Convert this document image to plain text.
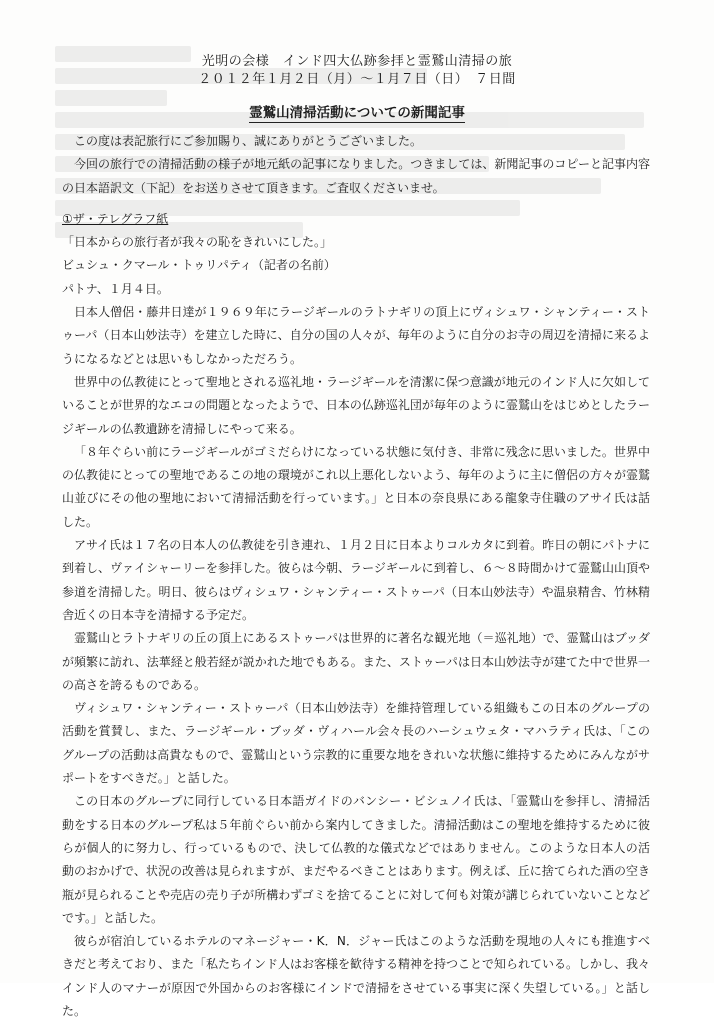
光明の会様　インド四大仏跡参拝と霊鷲山清掃の旅
２０１２年１月２日（月）～１月７日（日）　７日間
霊鷲山清掃活動についての新聞記事

この度は表記旅行にご参加賜り、誠にありがとうございました。

今回の旅行での清掃活動の様子が地元紙の記事になりました。つきましては、新聞記事のコピーと記事内容の日本語訳文（下記）をお送りさせて頂きます。ご査収くださいませ。

①ザ・テレグラフ紙

「日本からの旅行者が我々の恥をきれいにした。」

ビュシュ・クマール・トゥリパティ（記者の名前）

パトナ、１月４日。

日本人僧侶・藤井日達が１９６９年にラージギールのラトナギリの頂上にヴィシュワ・シャンティー・ストゥーパ（日本山妙法寺）を建立した時に、自分の国の人々が、毎年のように自分のお寺の周辺を清掃に来るようになるなどとは思いもしなかっただろう。

世界中の仏教徒にとって聖地とされる巡礼地・ラージギールを清潔に保つ意識が地元のインド人に欠如していることが世界的なエコの問題となったようで、日本の仏跡巡礼団が毎年のように霊鷲山をはじめとしたラージギールの仏教遺跡を清掃しにやって来る。

「８年ぐらい前にラージギールがゴミだらけになっている状態に気付き、非常に残念に思いました。世界中の仏教徒にとっての聖地であるこの地の環境がこれ以上悪化しないよう、毎年のように主に僧侶の方々が霊鷲山並びにその他の聖地において清掃活動を行っています。」と日本の奈良県にある龍象寺住職のアサイ氏は話した。

アサイ氏は１７名の日本人の仏教徒を引き連れ、１月２日に日本よりコルカタに到着。昨日の朝にパトナに到着し、ヴァイシャーリーを参拝した。彼らは今朝、ラージギールに到着し、６～８時間かけて霊鷲山山頂や参道を清掃した。明日、彼らはヴィシュワ・シャンティー・ストゥーパ（日本山妙法寺）や温泉精舎、竹林精舎近くの日本寺を清掃する予定だ。

霊鷲山とラトナギリの丘の頂上にあるストゥーパは世界的に著名な観光地（＝巡礼地）で、霊鷲山はブッダが頻繁に訪れ、法華経と般若経が説かれた地でもある。また、ストゥーパは日本山妙法寺が建てた中で世界一の高さを誇るものである。

ヴィシュワ・シャンティー・ストゥーパ（日本山妙法寺）を維持管理している組織もこの日本のグループの活動を賞賛し、また、ラージギール・ブッダ・ヴィハール会々長のハーシュウェタ・マハラティ氏は、「このグループの活動は高貴なもので、霊鷲山という宗教的に重要な地をきれいな状態に維持するためにみんながサポートをすべきだ。」と話した。

この日本のグループに同行している日本語ガイドのバンシー・ビシュノイ氏は、「霊鷲山を参拝し、清掃活動をする日本のグループ私は５年前ぐらい前から案内してきました。清掃活動はこの聖地を維持するために彼らが個人的に努力し、行っているもので、決して仏教的な儀式などではありません。このような日本人の活動のおかげで、状況の改善は見られますが、まだやるべきことはあります。例えば、丘に捨てられた酒の空き瓶が見られることや売店の売り子が所構わずゴミを捨てることに対して何も対策が講じられていないことなどです。」と話した。

彼らが宿泊しているホテルのマネージャー・K．N．ジャー氏はこのような活動を現地の人々にも推進すべきだと考えており、また「私たちインド人はお客様を歓待する精神を持つことで知られている。しかし、我々インド人のマナーが原因で外国からのお客様にインドで清掃をさせている事実に深く失望している。」と話した。
